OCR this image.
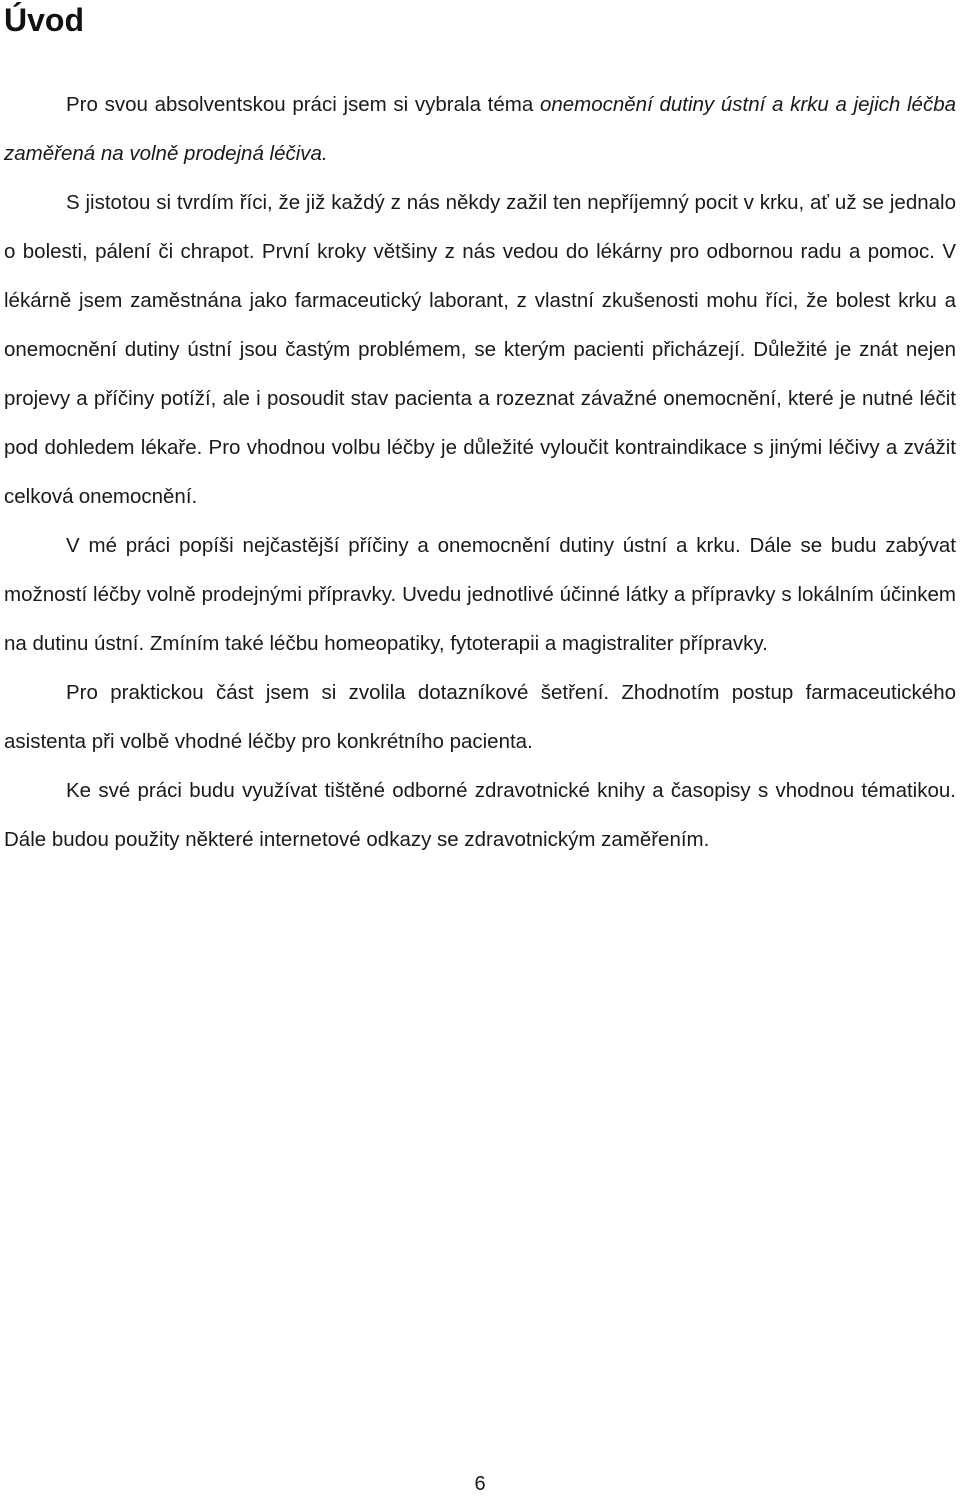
Úvod

Pro svou absolventskou práci jsem si vybrala téma onemocnění dutiny ústní a krku a jejich léčba zaměřená na volně prodejná léčiva.

S jistotou si tvrdím říci, že již každý z nás někdy zažil ten nepříjemný pocit v krku, ať už se jednalo o bolesti, pálení či chrapot. První kroky většiny z nás vedou do lékárny pro odbornou radu a pomoc. V lékárně jsem zaměstnána jako farmaceutický laborant, z vlastní zkušenosti mohu říci, že bolest krku a onemocnění dutiny ústní jsou častým problémem, se kterým pacienti přicházejí. Důležité je znát nejen projevy a příčiny potíží, ale i posoudit stav pacienta a rozeznat závažné onemocnění, které je nutné léčit pod dohledem lékaře. Pro vhodnou volbu léčby je důležité vyloučit kontraindikace s jinými léčivy a zvážit celková onemocnění.

V mé práci popíši nejčastější příčiny a onemocnění dutiny ústní a krku. Dále se budu zabývat možností léčby volně prodejnými přípravky. Uvedu jednotlivé účinné látky a přípravky s lokálním účinkem na dutinu ústní. Zmíním také léčbu homeopatiky, fytoterapii a magistraliter přípravky.

Pro praktickou část jsem si zvolila dotazníkové šetření. Zhodnotím postup farmaceutického asistenta při volbě vhodné léčby pro konkrétního pacienta.

Ke své práci budu využívat tištěné odborné zdravotnické knihy a časopisy s vhodnou tématikou. Dále budou použity některé internetové odkazy se zdravotnickým zaměřením.

6
